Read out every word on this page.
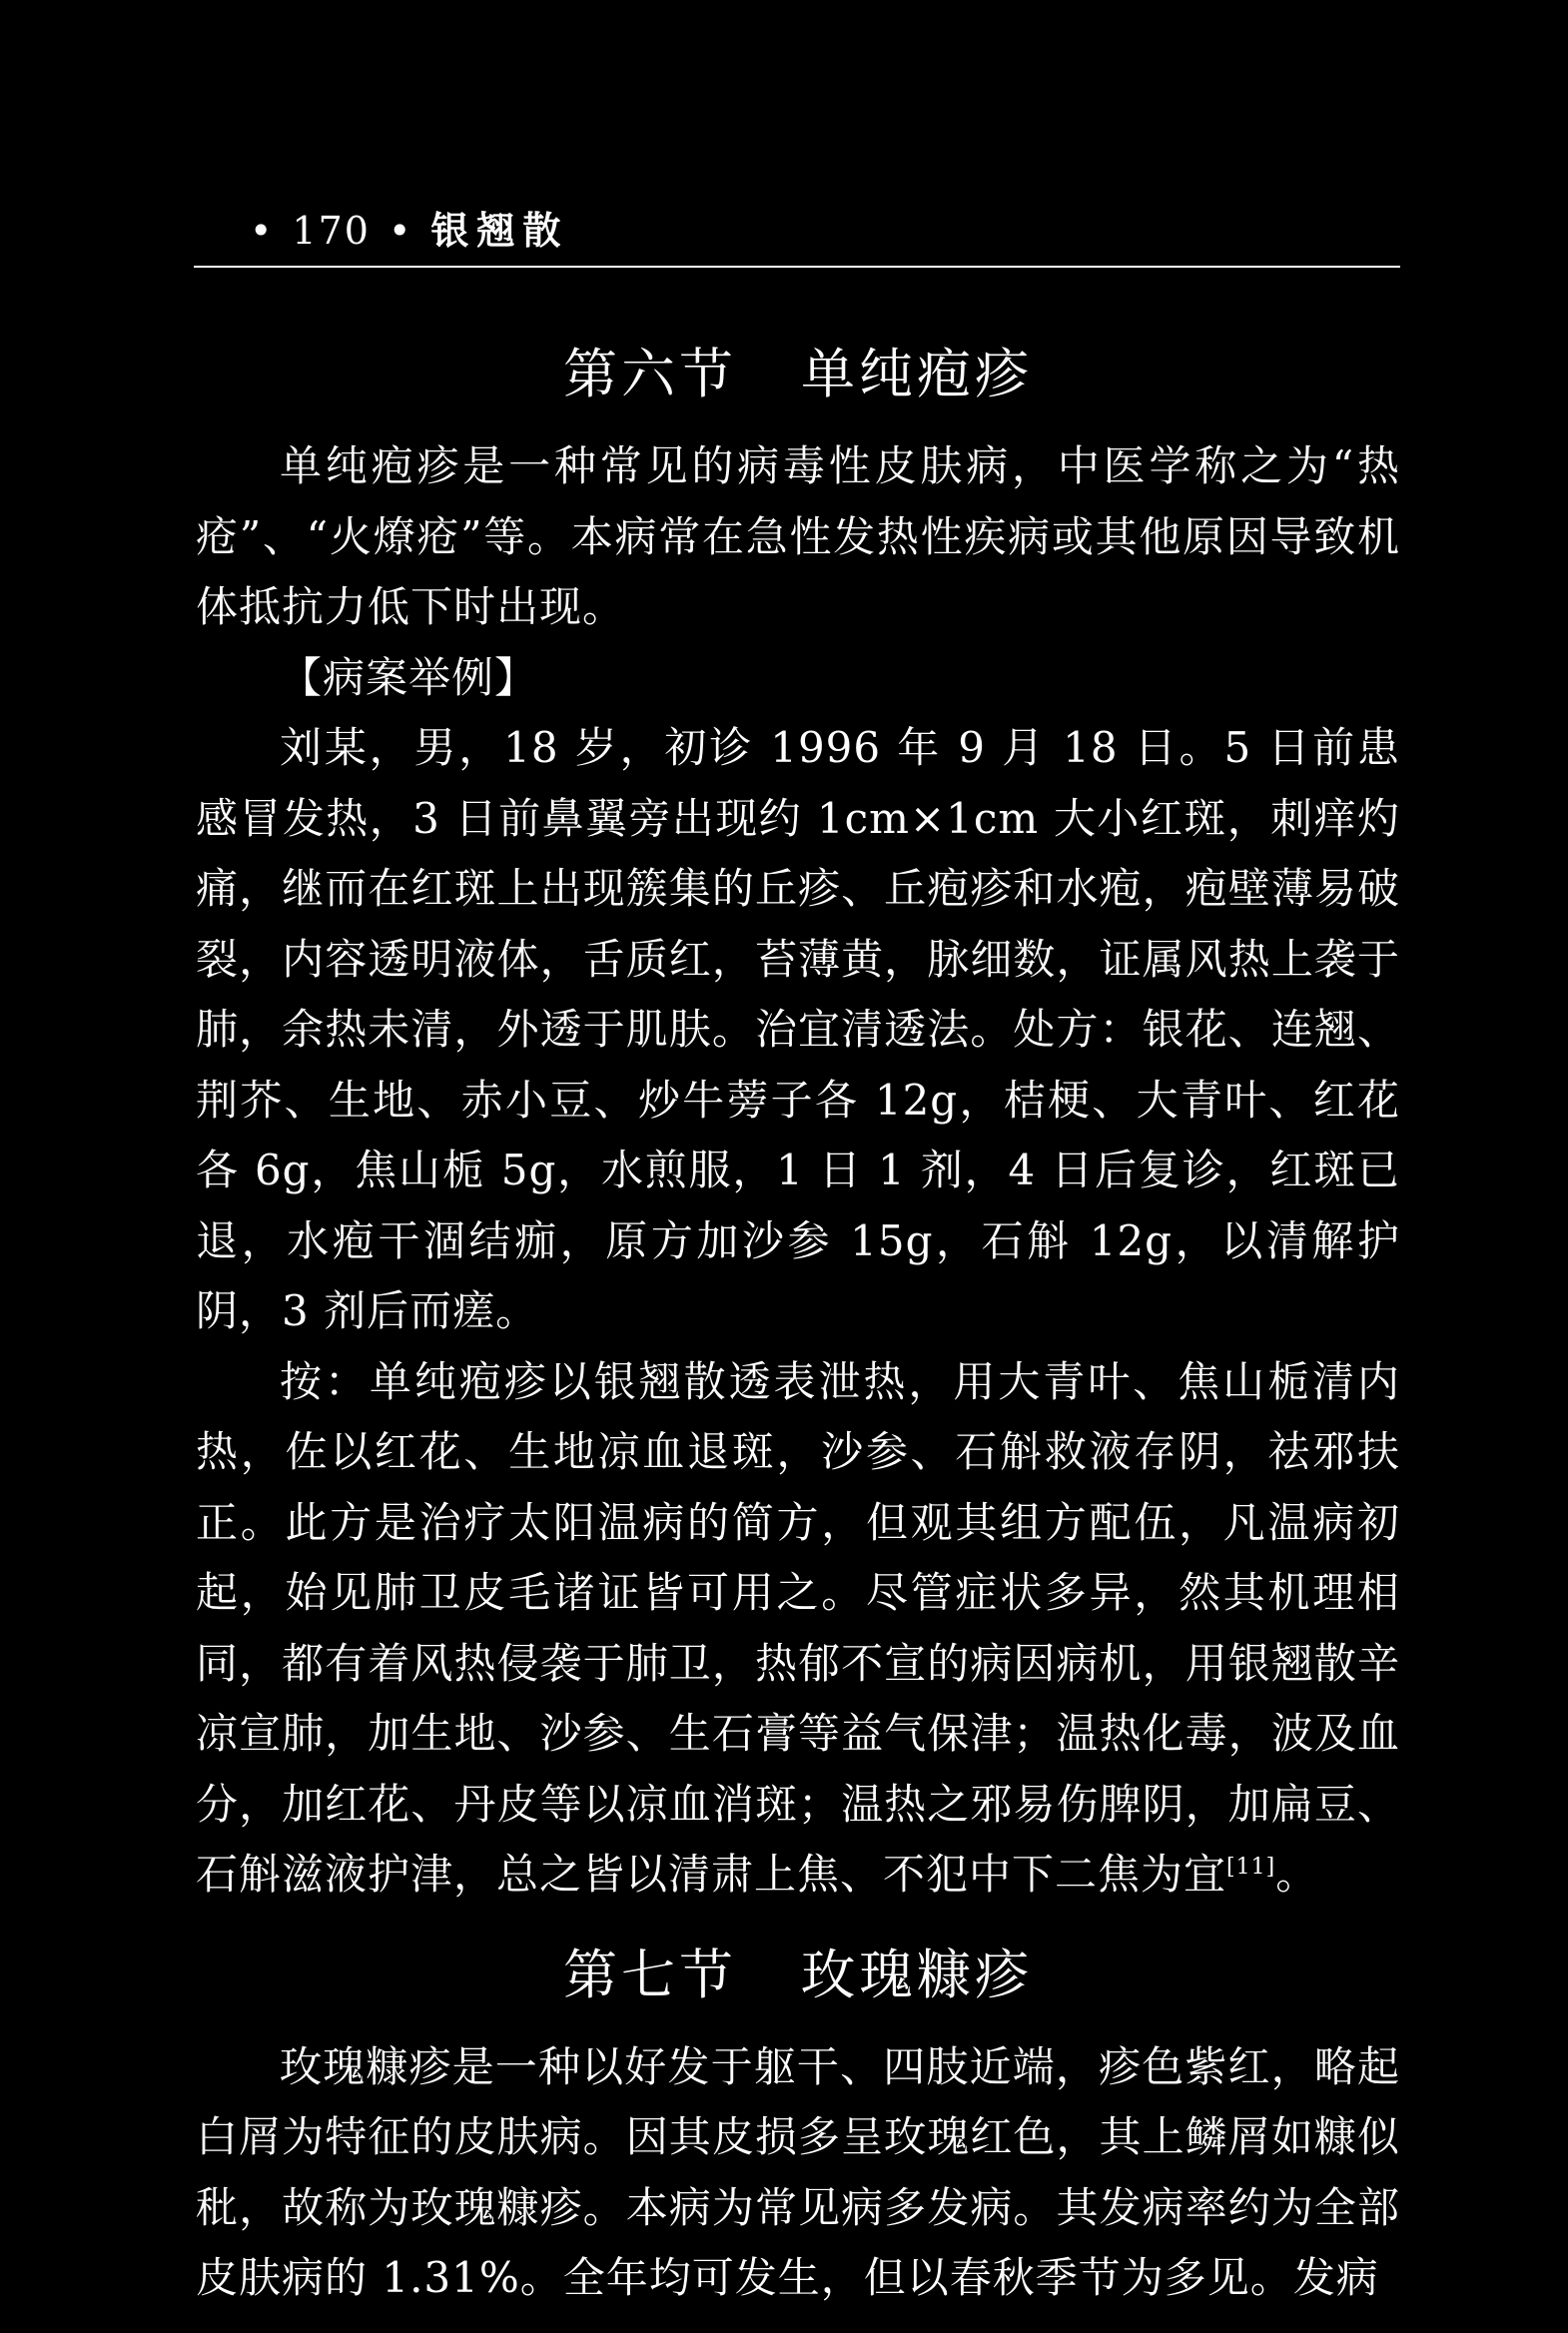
• 170 • 银翘散
第六节 单纯疱疹

单纯疱疹是一种常见的病毒性皮肤病，中医学称之为“热疮”、“火燎疮”等。本病常在急性发热性疾病或其他原因导致机体抵抗力低下时出现。

【病案举例】

刘某，男，18 岁，初诊 1996 年 9 月 18 日。5 日前患感冒发热，3 日前鼻翼旁出现约 1cm×1cm 大小红斑，刺痒灼痛，继而在红斑上出现簇集的丘疹、丘疱疹和水疱，疱壁薄易破裂，内容透明液体，舌质红，苔薄黄，脉细数，证属风热上袭于肺，余热未清，外透于肌肤。治宜清透法。处方：银花、连翘、荆芥、生地、赤小豆、炒牛蒡子各 12g，桔梗、大青叶、红花各 6g，焦山栀 5g，水煎服，1 日 1 剂，4 日后复诊，红斑已退，水疱干涸结痂，原方加沙参 15g，石斛 12g，以清解护阴，3 剂后而瘥。

按：单纯疱疹以银翘散透表泄热，用大青叶、焦山栀清内热，佐以红花、生地凉血退斑，沙参、石斛救液存阴，祛邪扶正。此方是治疗太阳温病的简方，但观其组方配伍，凡温病初起，始见肺卫皮毛诸证皆可用之。尽管症状多异，然其机理相同，都有着风热侵袭于肺卫，热郁不宣的病因病机，用银翘散辛凉宣肺，加生地、沙参、生石膏等益气保津；温热化毒，波及血分，加红花、丹皮等以凉血消斑；温热之邪易伤脾阴，加扁豆、石斛滋液护津，总之皆以清肃上焦、不犯中下二焦为宜[11]。

第七节 玫瑰糠疹

玫瑰糠疹是一种以好发于躯干、四肢近端，疹色紫红，略起白屑为特征的皮肤病。因其皮损多呈玫瑰红色，其上鳞屑如糠似秕，故称为玫瑰糠疹。本病为常见病多发病。其发病率约为全部皮肤病的 1.31%。全年均可发生，但以春秋季节为多见。发病
